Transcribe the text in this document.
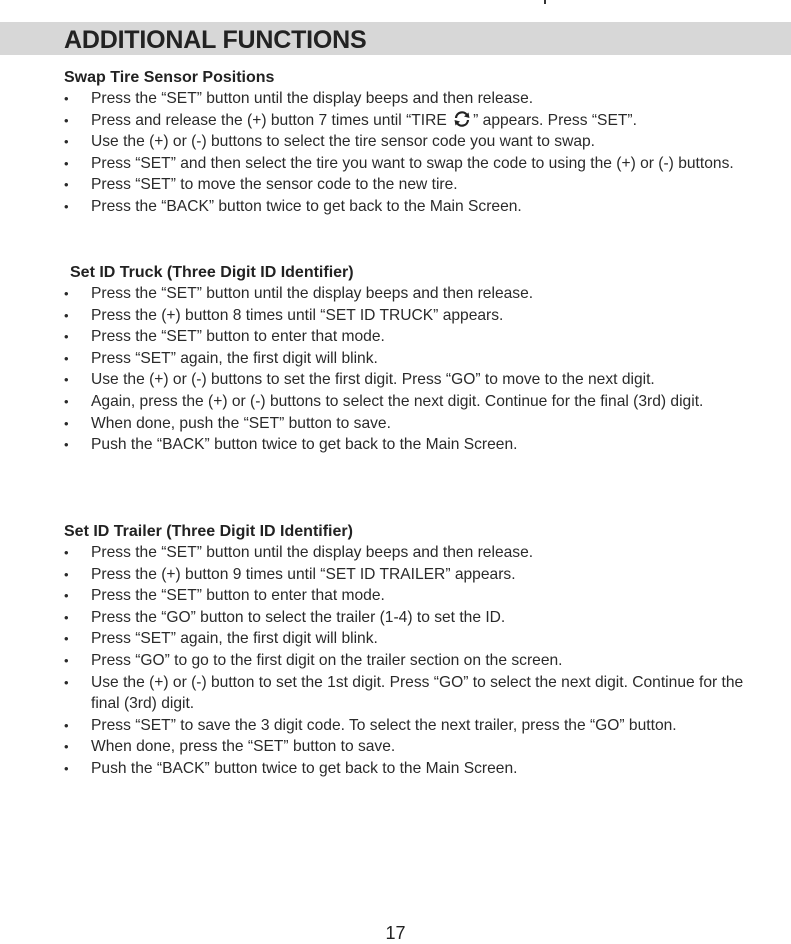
ADDITIONAL FUNCTIONS
Swap Tire Sensor Positions
•	Press the “SET” button until the display beeps and then release.
•	Press and release the (+) button 7 times until “TIRE ” appears. Press “SET”.
•	Use the (+) or (-) buttons to select the tire sensor code you want to swap.
•	Press “SET” and then select the tire you want to swap the code to using the (+) or (-) buttons.
•	Press “SET” to move the sensor code to the new tire.
•	Press the “BACK” button twice to get back to the Main Screen.
Set ID Truck (Three Digit ID Identifier)
•	Press the “SET” button until the display beeps and then release.
•	Press the (+) button 8 times until “SET ID TRUCK” appears.
•	Press the “SET” button to enter that mode.
•	Press “SET” again, the first digit will blink.
•	Use the (+) or (-) buttons to set the first digit. Press “GO” to move to the next digit.
•	Again, press the (+) or (-) buttons to select the next digit. Continue for the final (3rd) digit.
•	When done, push the “SET” button to save.
•	Push the “BACK” button twice to get back to the Main Screen.
Set ID Trailer (Three Digit ID Identifier)
•	Press the “SET” button until the display beeps and then release.
•	Press the (+) button 9 times until “SET ID TRAILER” appears.
•	Press the “SET” button to enter that mode.
•	Press the “GO” button to select the trailer (1-4) to set the ID.
•	Press “SET” again, the first digit will blink.
•	Press “GO” to go to the first digit on the trailer section on the screen.
•	Use the (+) or (-) button to set the 1st digit. Press “GO” to select the next digit. Continue for the final (3rd) digit.
•	Press “SET” to save the 3 digit code. To select the next trailer, press the “GO” button.
•	When done, press the “SET” button to save.
•	Push the “BACK” button twice to get back to the Main Screen.
17
